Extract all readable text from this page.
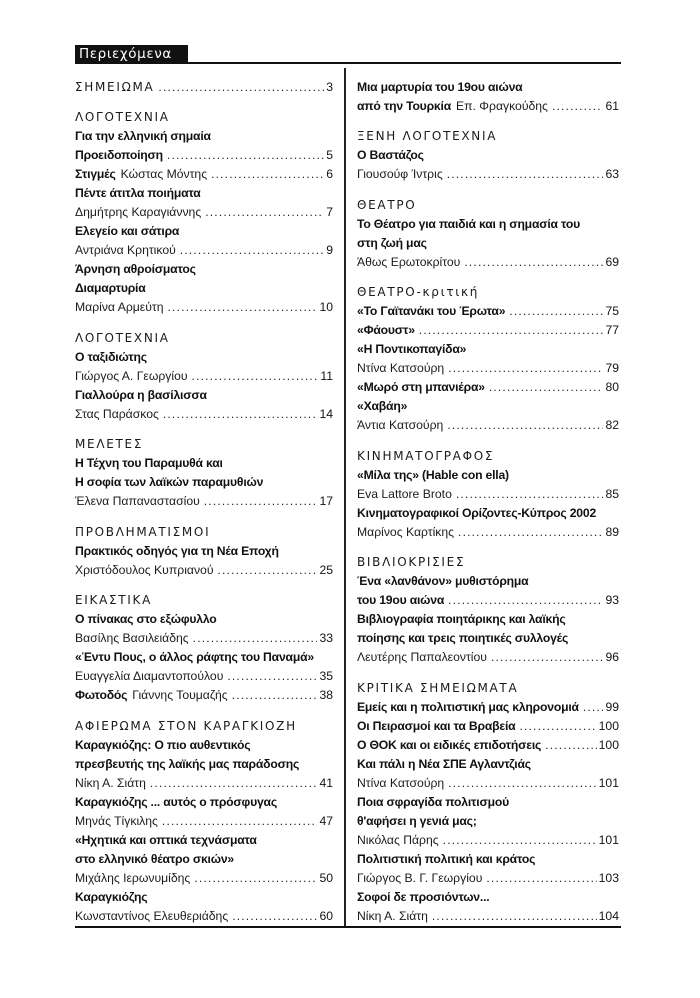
Περιεχόμενα
ΣΗΜΕΙΩΜΑ .....	3
ΛΟΓΟΤΕΧΝΙΑ
Για την ελληνική σημαία
Προειδοποίηση .....	5
Στιγμές Κώστας Μόντης .....	6
Πέντε άτιτλα ποιήματα
Δημήτρης Καραγιάννης .....	7
Ελεγείο και σάτιρα
Αντριάνα Κρητικού .....	9
Άρνηση αθροίσματος
Διαμαρτυρία
Μαρίνα Αρμεύτη .....	10
ΛΟΓΟΤΕΧΝΙΑ
Ο ταξιδιώτης
Γιώργος Α. Γεωργίου .....	11
Γιαλλούρα η βασίλισσα
Στας Παράσκος .....	14
ΜΕΛΕΤΕΣ
Η Τέχνη του Παραμυθά και
Η σοφία των λαϊκών παραμυθιών
Έλενα Παπαναστασίου .....	17
ΠΡΟΒΛΗΜΑΤΙΣΜΟΙ
Πρακτικός οδηγός για τη Νέα Εποχή
Χριστόδουλος Κυπριανού .....	25
ΕΙΚΑΣΤΙΚΑ
Ο πίνακας στο εξώφυλλο
Βασίλης Βασιλειάδης .....	33
«Έντυ Πους, ο άλλος ράφτης του Παναμά»
Ευαγγελία Διαμαντοπούλου .....	35
Φωτοδός Γιάννης Τουμαζής .....	38
ΑΦΙΕΡΩΜΑ ΣΤΟΝ ΚΑΡΑΓΚΙΟΖΗ
Καραγκιόζης: Ο πιο αυθεντικός
πρεσβευτής της λαϊκής μας παράδοσης
Νίκη Α. Σιάτη .....	41
Καραγκιόζης ... αυτός ο πρόσφυγας
Μηνάς Τίγκιλης .....	47
«Ηχητικά και οπτικά τεχνάσματα
στο ελληνικό θέατρο σκιών»
Μιχάλης Ιερωνυμίδης .....	50
Καραγκιόζης
Κωνσταντίνος Ελευθεριάδης .....	60
Μια μαρτυρία του 19ου αιώνα
από την Τουρκία Επ. Φραγκούδης .....	61
ΞΕΝΗ ΛΟΓΟΤΕΧΝΙΑ
Ο Βαστάζος
Γιουσούφ Ίντρις .....	63
ΘΕΑΤΡΟ
Το Θέατρο για παιδιά και η σημασία του
στη ζωή μας
Άθως Ερωτοκρίτου .....	69
ΘΕΑΤΡΟ-κριτική
«Το Γαϊτανάκι του Έρωτα» .....	75
«Φάουστ» .....	77
«Η Ποντικοπαγίδα»
Ντίνα Κατσούρη .....	79
«Μωρό στη μπανιέρα» .....	80
«Χαβάη»
Άντια Κατσούρη .....	82
ΚΙΝΗΜΑΤΟΓΡΑΦΟΣ
«Μίλα της» (Hable con ella)
Eva Lattore Broto .....	85
Κινηματογραφικοί Ορίζοντες-Κύπρος 2002
Μαρίνος Καρτίκης .....	89
ΒΙΒΛΙΟΚΡΙΣΙΕΣ
Ένα «λανθάνον» μυθιστόρημα
του 19ου αιώνα .....	93
Βιβλιογραφία ποιητάρικης και λαϊκής
ποίησης και τρεις ποιητικές συλλογές
Λευτέρης Παπαλεοντίου .....	96
ΚΡΙΤΙΚΑ ΣΗΜΕΙΩΜΑΤΑ
Εμείς και η πολιτιστική μας κληρονομιά ..... 99
Οι Πειρασμοί και τα Βραβεία .....	100
Ο ΘΟΚ και οι ειδικές επιδοτήσεις .....	100
Και πάλι η Νέα ΣΠΕ Αγλαντζιάς
Ντίνα Κατσούρη .....	101
Ποια σφραγίδα πολιτισμού
θ'αφήσει η γενιά μας;
Νικόλας Πάρης .....	101
Πολιτιστική πολιτική και κράτος
Γιώργος Β. Γ. Γεωργίου .....	103
Σοφοί δε προσιόντων...
Νίκη Α. Σιάτη .....	104
